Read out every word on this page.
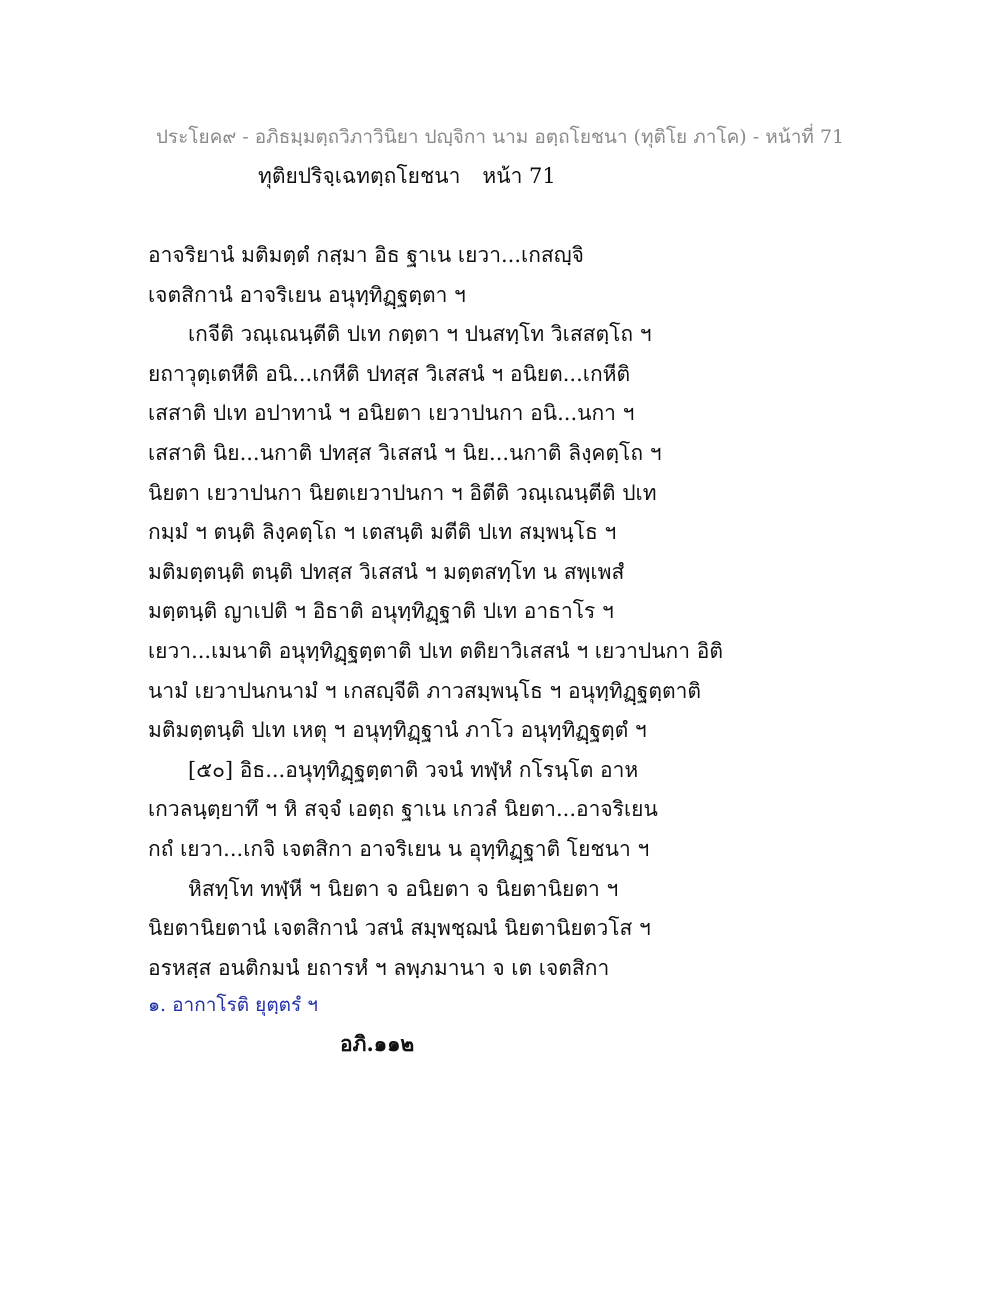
ประโยค๙ - อภิธมฺมตฺถวิภาวินิยา ปญฺจิกา นาม อตฺถโยชนา (ทุติโย ภาโค) - หน้าที่ 71
ทุติยปริจฺเฉทตฺถโยชนา หน้า 71
อาจริยานํ มติมตฺตํ กสฺมา อิธ ฐาเน เยวา...เกสญฺจิ
เจตสิกานํ อาจริเยน อนุทฺทิฏฺฐตฺตา ฯ
เกจีติ วณฺเณนฺตีติ ปเท กตฺตา ฯ ปนสทฺโท วิเสสตฺโถ ฯ
ยถาวุตฺเตหีติ อนิ...เกหีติ ปทสฺส วิเสสนํ ฯ อนิยต...เกหีติ
เสสาติ ปเท อปาทานํ ฯ อนิยตา เยวาปนกา อนิ...นกา ฯ
เสสาติ นิย...นกาติ ปทสฺส วิเสสนํ ฯ นิย...นกาติ ลิงฺคตฺโถ ฯ
นิยตา เยวาปนกา นิยตเยวาปนกา ฯ อิตีติ วณฺเณนฺตีติ ปเท
กมฺมํ ฯ ตนฺติ ลิงฺคตฺโถ ฯ เตสนฺติ มตีติ ปเท สมฺพนฺโธ ฯ
มติมตฺตนฺติ ตนฺติ ปทสฺส วิเสสนํ ฯ มตฺตสทฺโท น สพฺเพสํ
มตฺตนฺติ ญาเปติ ฯ อิธาติ อนุทฺทิฏฺฐาติ ปเท อาธาโร ฯ
เยวา...เมนาติ อนุทฺทิฏฺฐตฺตาติ ปเท ตติยาวิเสสนํ ฯ เยวาปนกา อิติ
นามํ เยวาปนกนามํ ฯ เกสญฺจีติ ภาวสมฺพนฺโธ ฯ อนุทฺทิฏฺฐตฺตาติ
มติมตฺตนฺติ ปเท เหตุ ฯ อนุทฺทิฏฺฐานํ ภาโว อนุทฺทิฏฺฐตฺตํ ฯ
[๕๐] อิธ...อนุทฺทิฏฺฐตฺตาติ วจนํ ทฬฺหํ กโรนฺโต อาห
เกวลนฺตฺยาทึ ฯ หิ สจฺจํ เอตฺถ ฐาเน เกวลํ นิยตา...อาจริเยน
กถํ เยวา...เกจิ เจตสิกา อาจริเยน น อุทฺทิฏฺฐาติ โยชนา ฯ
หิสทฺโท ทฬฺหี ฯ นิยตา จ อนิยตา จ นิยตานิยตา ฯ
นิยตานิยตานํ เจตสิกานํ วสนํ สมฺพชฺฌนํ นิยตานิยตวโส ฯ
อรหสฺส อนติกมนํ ยถารหํ ฯ ลพฺภมานา จ เต เจตสิกา
๑. อากาโรติ ยุตฺตรํ ฯ
อภิ.๑๑๒
